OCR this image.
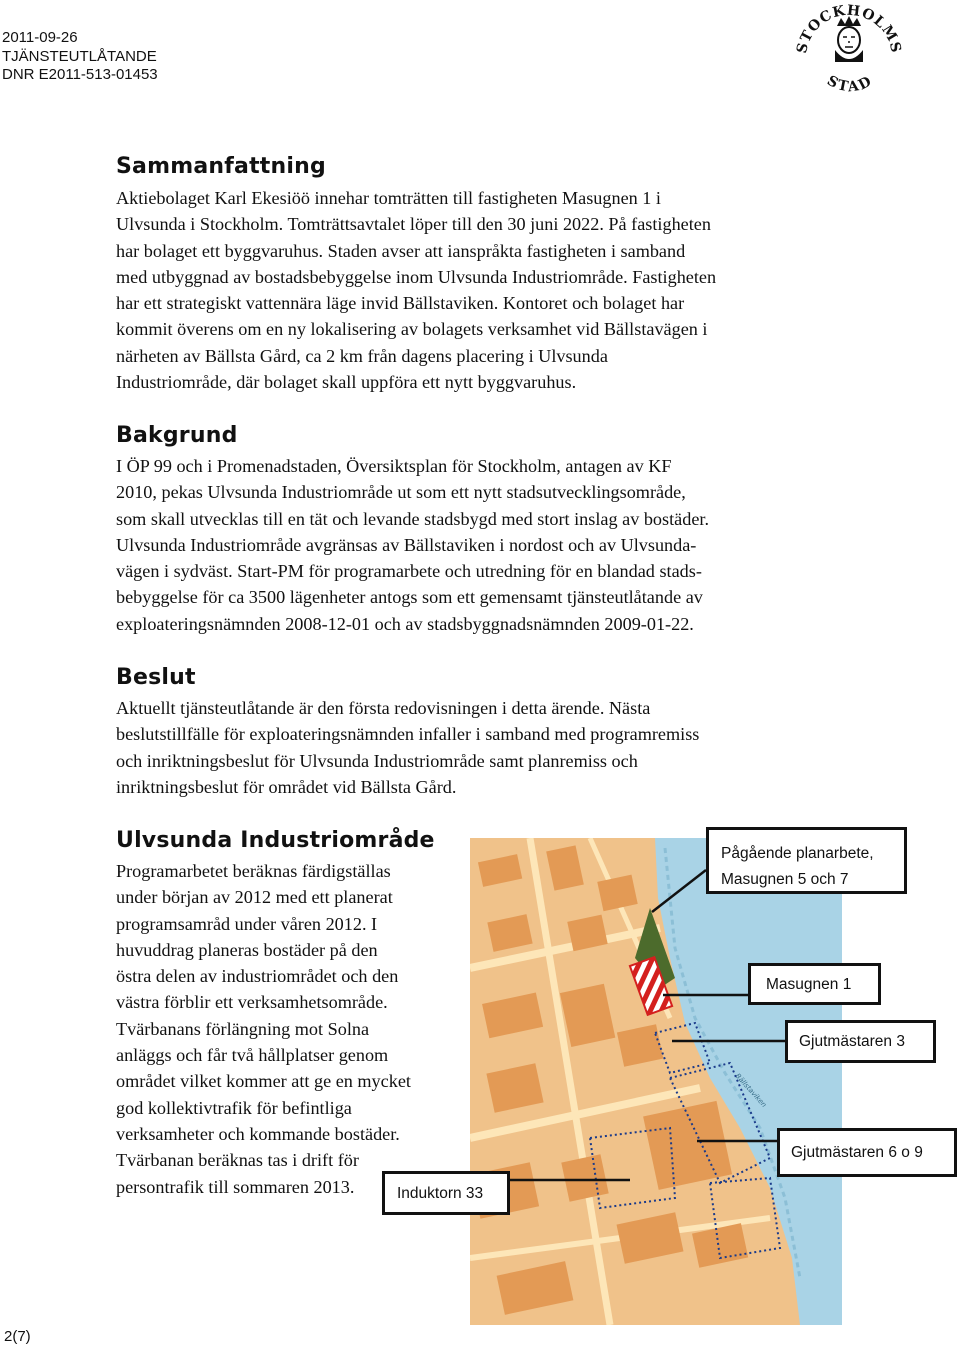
2011-09-26
TJÄNSTEUTLÅTANDE
DNR E2011-513-01453
STOCKHOLMS
STAD
Sammanfattning
Aktiebolaget Karl Ekesiöö innehar tomträtten till fastigheten Masugnen 1 i
Ulvsunda i Stockholm. Tomträttsavtalet löper till den 30 juni 2022. På fastigheten
har bolaget ett byggvaruhus. Staden avser att ianspråkta fastigheten i samband
med utbyggnad av bostadsbebyggelse inom Ulvsunda Industriområde. Fastigheten
har ett strategiskt vattennära läge invid Bällstaviken. Kontoret och bolaget har
kommit överens om en ny lokalisering av bolagets verksamhet vid Bällstavägen i
närheten av Bällsta Gård, ca 2 km från dagens placering i Ulvsunda
Industriområde, där bolaget skall uppföra ett nytt byggvaruhus.
Bakgrund
I ÖP 99 och i Promenadstaden, Översiktsplan för Stockholm, antagen av KF
2010, pekas Ulvsunda Industriområde ut som ett nytt stadsutvecklingsområde,
som skall utvecklas till en tät och levande stadsbygd med stort inslag av bostäder.
Ulvsunda Industriområde avgränsas av Bällstaviken i nordost och av Ulvsunda-
vägen i sydväst. Start-PM för programarbete och utredning för en blandad stads-
bebyggelse för ca 3500 lägenheter antogs som ett gemensamt tjänsteutlåtande av
exploateringsnämnden 2008-12-01 och av stadsbyggnadsnämnden 2009-01-22.
Beslut
Aktuellt tjänsteutlåtande är den första redovisningen i detta ärende. Nästa
beslutstillfälle för exploateringsnämnden infaller i samband med programremiss
och inriktningsbeslut för Ulvsunda Industriområde samt planremiss och
inriktningsbeslut för området vid Bällsta Gård.
Ulvsunda Industriområde
Programarbetet beräknas färdigställas
under början av 2012 med ett planerat
programsamråd under våren 2012. I
huvuddrag planeras bostäder på den
östra delen av industriområdet och den
västra förblir ett verksamhetsområde.
Tvärbanans förlängning mot Solna
anläggs och får två hållplatser genom
området vilket kommer att ge en mycket
god kollektivtrafik för befintliga
verksamheter och kommande bostäder.
Tvärbanan beräknas tas i drift för
persontrafik till sommaren 2013.
Bällstaviken
Pågående planarbete,
Masugnen 5 och 7
Masugnen 1
Gjutmästaren 3
Gjutmästaren 6 o 9
Induktorn 33
2(7)
